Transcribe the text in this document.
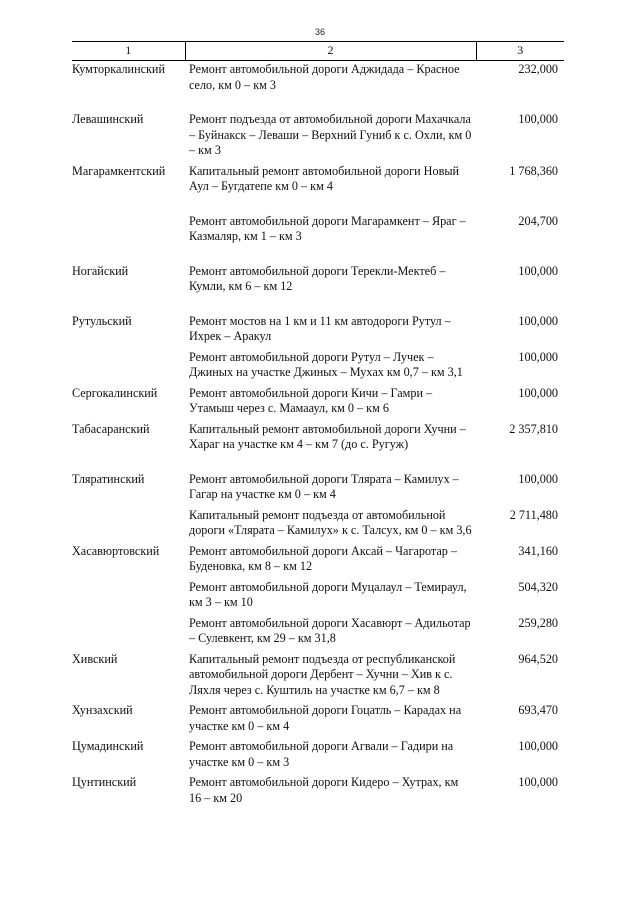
36
1	2	3
Кумторкалинский	Ремонт автомобильной дороги Аджидада – Красное село, км 0 – км 3	232,000
Левашинский	Ремонт подъезда от автомобильной дороги Махачкала – Буйнакск – Леваши – Верхний Гуниб к с. Охли, км 0 – км 3	100,000
Магарамкентский	Капитальный ремонт автомобильной дороги Новый Аул – Бугдатепе км 0 – км 4	1 768,360
	Ремонт автомобильной дороги Магарамкент – Яраг – Казмаляр, км 1 – км 3	204,700
Ногайский	Ремонт автомобильной дороги Терекли-Мектеб – Кумли, км 6 – км 12	100,000
Рутульский	Ремонт мостов на 1 км и 11 км автодороги Рутул – Ихрек – Аракул	100,000
	Ремонт автомобильной дороги Рутул – Лучек – Джиных на участке Джиных – Мухах км 0,7 – км 3,1	100,000
Сергокалинский	Ремонт автомобильной дороги Кичи – Гамри – Утамыш через с. Мамааул, км 0 – км 6	100,000
Табасаранский	Капитальный ремонт автомобильной дороги Хучни – Хараг на участке км 4 – км 7 (до с. Ругуж)	2 357,810
Тляратинский	Ремонт автомобильной дороги Тлярата – Камилух – Гагар на участке км 0 – км 4	100,000
	Капитальный ремонт подъезда от автомобильной дороги «Тлярата – Камилух» к с. Талсух, км 0 – км 3,6	2 711,480
Хасавюртовский	Ремонт автомобильной дороги Аксай – Чагаротар – Буденовка, км 8 – км 12	341,160
	Ремонт автомобильной дороги Муцалаул – Темираул, км 3 – км 10	504,320
	Ремонт автомобильной дороги Хасавюрт – Адильотар – Сулевкент, км 29 – км 31,8	259,280
Хивский	Капитальный ремонт подъезда от республиканской автомобильной дороги Дербент – Хучни – Хив к с. Ляхля через с. Куштиль на участке км 6,7 – км 8	964,520
Хунзахский	Ремонт автомобильной дороги Гоцатль – Карадах на участке км 0 – км 4	693,470
Цумадинский	Ремонт автомобильной дороги Агвали – Гадири на участке км 0 – км 3	100,000
Цунтинский	Ремонт автомобильной дороги Кидеро – Хутрах, км 16 – км 20	100,000
